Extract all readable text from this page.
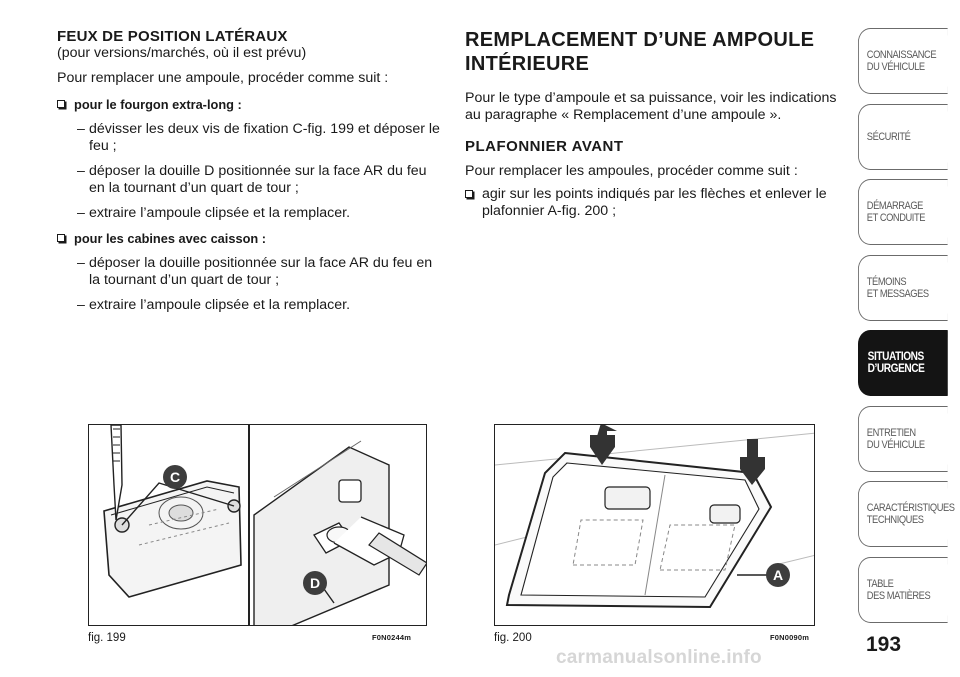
FEUX DE POSITION LATÉRAUX
(pour versions/marchés, où il est prévu)

Pour remplacer une ampoule, procéder comme suit :

pour le fourgon extra-long :
– dévisser les deux vis de fixation C-fig. 199 et déposer le feu ;
– déposer la douille D positionnée sur la face AR du feu en la tournant d’un quart de tour ;
– extraire l’ampoule clipsée et la remplacer.
pour les cabines avec caisson :
– déposer la douille positionnée sur la face AR du feu en la tournant d’un quart de tour ;
– extraire l’ampoule clipsée et la remplacer.
REMPLACEMENT D’UNE AMPOULE INTÉRIEURE

Pour le type d’ampoule et sa puissance, voir les indications au paragraphe « Remplacement d’une ampoule ».

PLAFONNIER AVANT

Pour remplacer les ampoules, procéder comme suit :

agir sur les points indiqués par les flèches et enlever le plafonnier A-fig. 200 ;
C
D
fig. 199	F0N0244m
A
fig. 200	F0N0090m	193
carmanualsonline.info
CONNAISSANCE
DU VÉHICULE
SÉCURITÉ
DÉMARRAGE
ET CONDUITE
TÉMOINS
ET MESSAGES
SITUATIONS
D’URGENCE
ENTRETIEN
DU VÉHICULE
CARACTÉRISTIQUES
TECHNIQUES
TABLE
DES MATIÈRES
